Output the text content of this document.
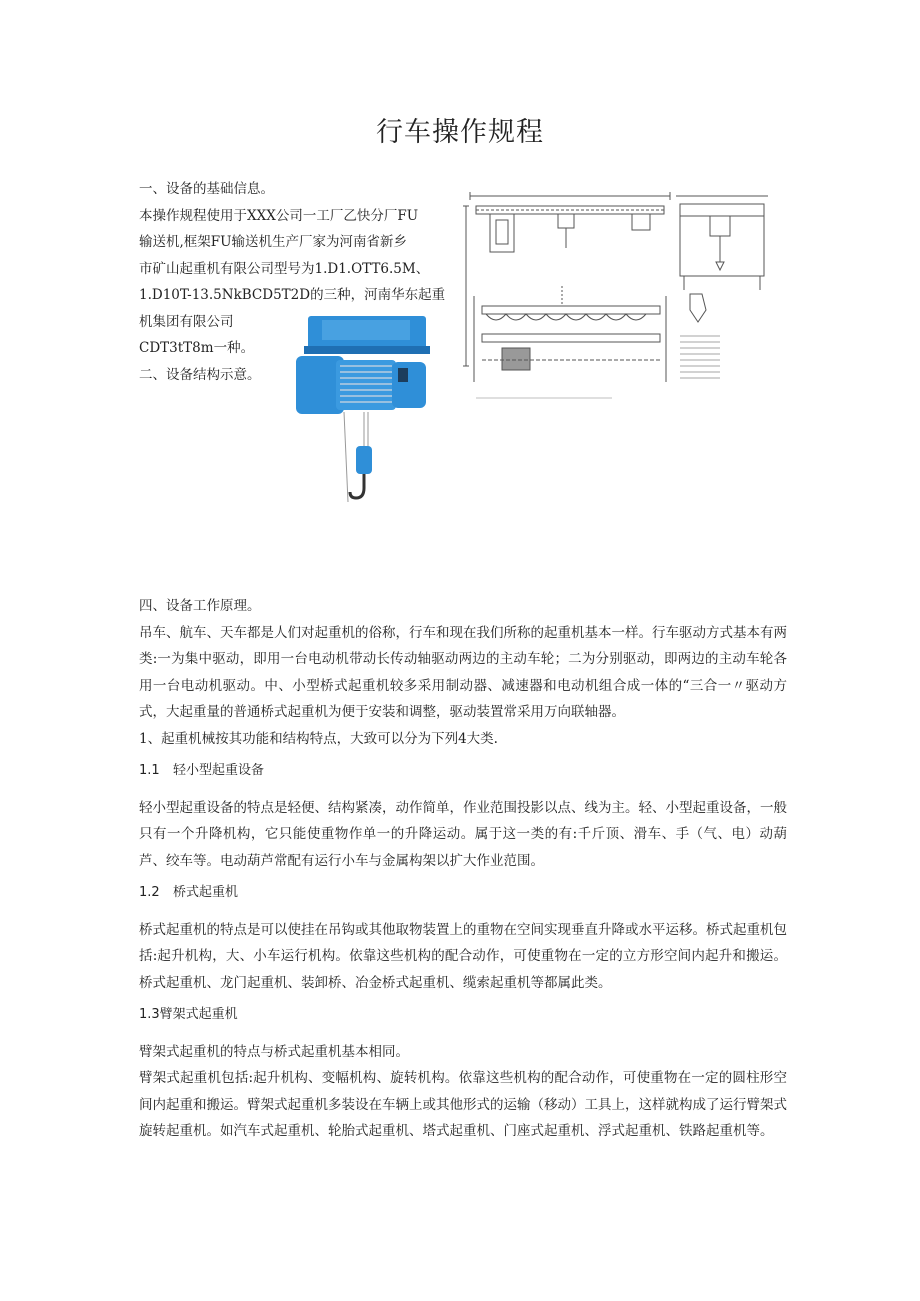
行车操作规程
一、设备的基础信息。
本操作规程使用于XXX公司一工厂乙快分厂FU
输送机,框架FU输送机生产厂家为河南省新乡
市矿山起重机有限公司型号为1.D1.OTT6.5M、
1.D10T-13.5NkBCD5T2D的三种，河南华东起重
机集团有限公司
CDT3tT8m一种。
二、设备结构示意。

四、设备工作原理。

吊车、航车、天车都是人们对起重机的俗称，行车和现在我们所称的起重机基本一样。行车驱动方式基本有两类:一为集中驱动，即用一台电动机带动长传动轴驱动两边的主动车轮；二为分别驱动，即两边的主动车轮各用一台电动机驱动。中、小型桥式起重机较多采用制动器、减速器和电动机组合成一体的“三合一〃驱动方式，大起重量的普通桥式起重机为便于安装和调整，驱动装置常采用万向联轴器。

1、起重机械按其功能和结构特点，大致可以分为下列4大类.

1.1 轻小型起重设备

轻小型起重设备的特点是轻便、结构紧凑，动作简单，作业范围投影以点、线为主。轻、小型起重设备，一般只有一个升降机构，它只能使重物作单一的升降运动。属于这一类的有:千斤顶、滑车、手（气、电）动葫芦、绞车等。电动葫芦常配有运行小车与金属构架以扩大作业范围。

1.2 桥式起重机

桥式起重机的特点是可以使挂在吊钩或其他取物装置上的重物在空间实现垂直升降或水平运移。桥式起重机包括:起升机构，大、小车运行机构。依靠这些机构的配合动作，可使重物在一定的立方形空间内起升和搬运。桥式起重机、龙门起重机、装卸桥、冶金桥式起重机、缆索起重机等都属此类。

1.3臂架式起重机

臂架式起重机的特点与桥式起重机基本相同。

臂架式起重机包括:起升机构、变幅机构、旋转机构。依靠这些机构的配合动作，可使重物在一定的圆柱形空间内起重和搬运。臂架式起重机多装设在车辆上或其他形式的运输（移动）工具上，这样就构成了运行臂架式旋转起重机。如汽车式起重机、轮胎式起重机、塔式起重机、门座式起重机、浮式起重机、铁路起重机等。
